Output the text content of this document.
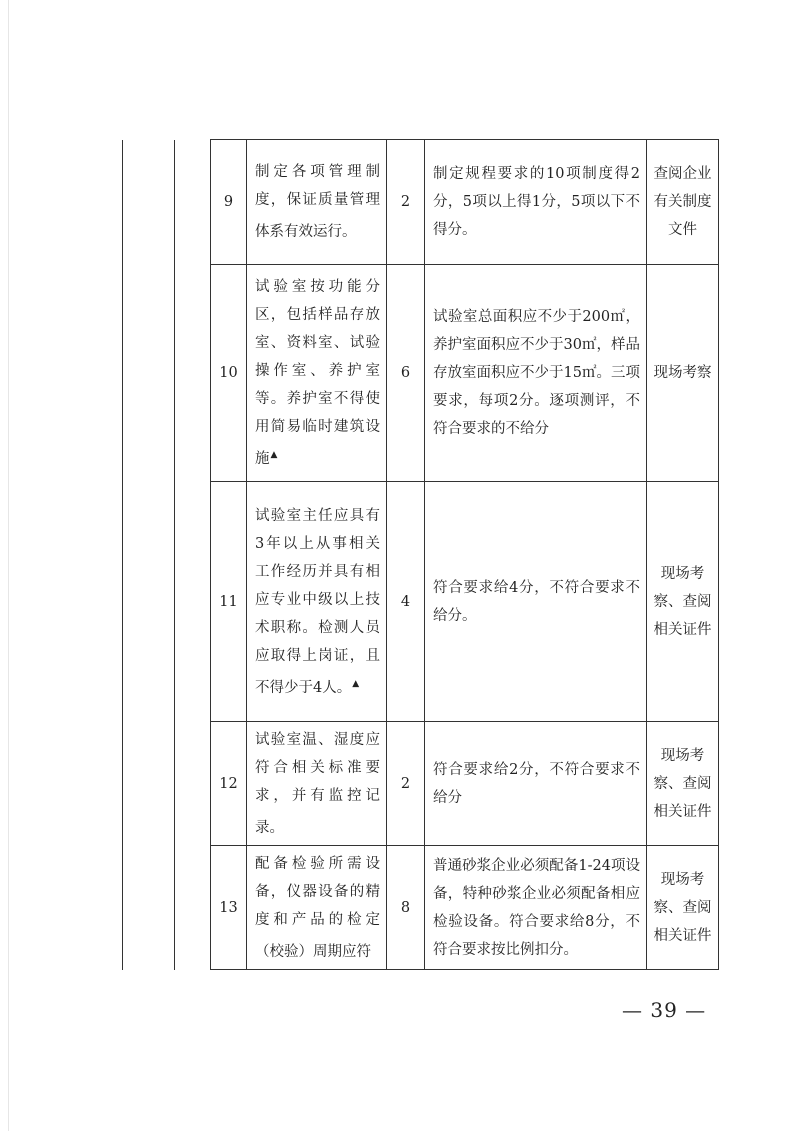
		9	制定各项管理制度，保证质量管理体系有效运行。	2	制定规程要求的10项制度得2分，5项以上得1分，5项以下不得分。	查阅企业有关制度文件
		10	试验室按功能分区，包括样品存放室、资料室、试验操作室、养护室等。养护室不得使用简易临时建筑设施▲	6	试验室总面积应不少于200㎡，养护室面积应不少于30㎡，样品存放室面积应不少于15㎡。三项要求，每项2分。逐项测评，不符合要求的不给分	现场考察
		11	试验室主任应具有3年以上从事相关工作经历并具有相应专业中级以上技术职称。检测人员应取得上岗证，且不得少于4人。▲	4	符合要求给4分，不符合要求不给分。	现场考察、查阅相关证件
		12	试验室温、湿度应符合相关标准要求，并有监控记录。	2	符合要求给2分，不符合要求不给分	现场考察、查阅相关证件
		13	配备检验所需设备，仪器设备的精度和产品的检定（校验）周期应符	8	普通砂浆企业必须配备1-24项设备，特种砂浆企业必须配备相应检验设备。符合要求给8分，不符合要求按比例扣分。	现场考察、查阅相关证件
— 39 —
